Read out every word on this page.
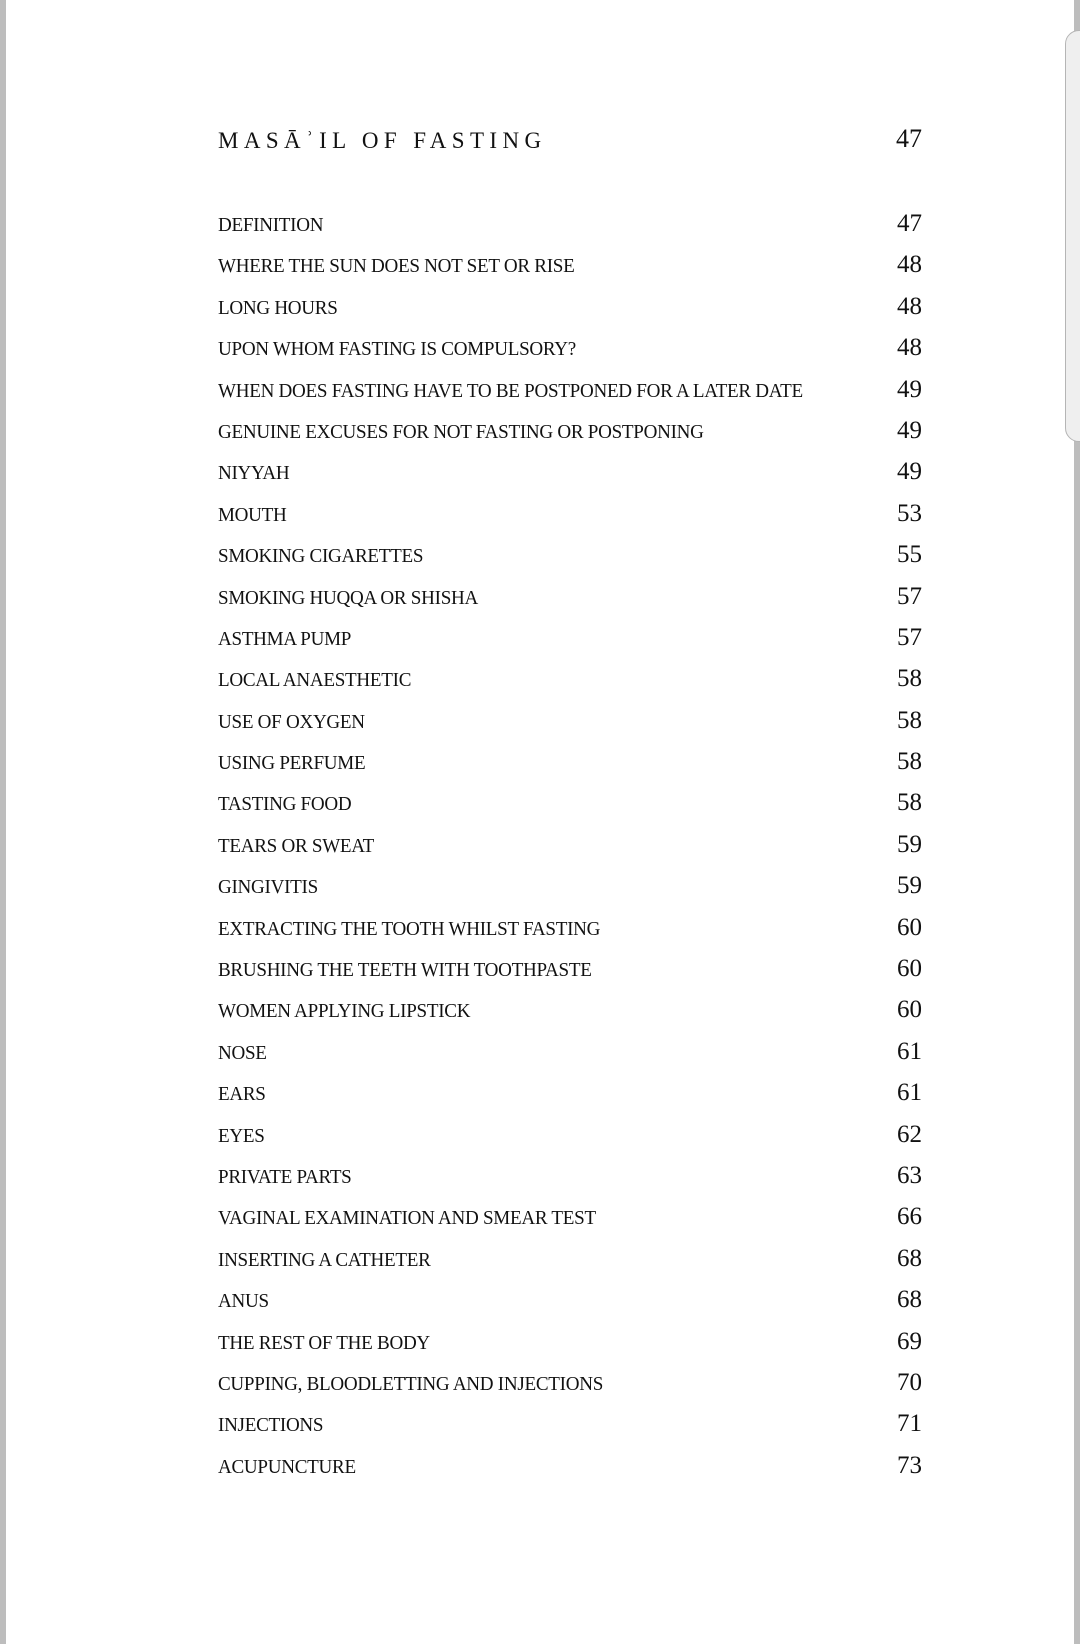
MASĀʾIL OF FASTING	47
DEFINITION	47
WHERE THE SUN DOES NOT SET OR RISE	48
LONG HOURS	48
UPON WHOM FASTING IS COMPULSORY?	48
WHEN DOES FASTING HAVE TO BE POSTPONED FOR A LATER DATE	49
GENUINE EXCUSES FOR NOT FASTING OR POSTPONING	49
NIYYAH	49
MOUTH	53
SMOKING CIGARETTES	55
SMOKING HUQQA OR SHISHA	57
ASTHMA PUMP	57
LOCAL ANAESTHETIC	58
USE OF OXYGEN	58
USING PERFUME	58
TASTING FOOD	58
TEARS OR SWEAT	59
GINGIVITIS	59
EXTRACTING THE TOOTH WHILST FASTING	60
BRUSHING THE TEETH WITH TOOTHPASTE	60
WOMEN APPLYING LIPSTICK	60
NOSE	61
EARS	61
EYES	62
PRIVATE PARTS	63
VAGINAL EXAMINATION AND SMEAR TEST	66
INSERTING A CATHETER	68
ANUS	68
THE REST OF THE BODY	69
CUPPING, BLOODLETTING AND INJECTIONS	70
INJECTIONS	71
ACUPUNCTURE	73
